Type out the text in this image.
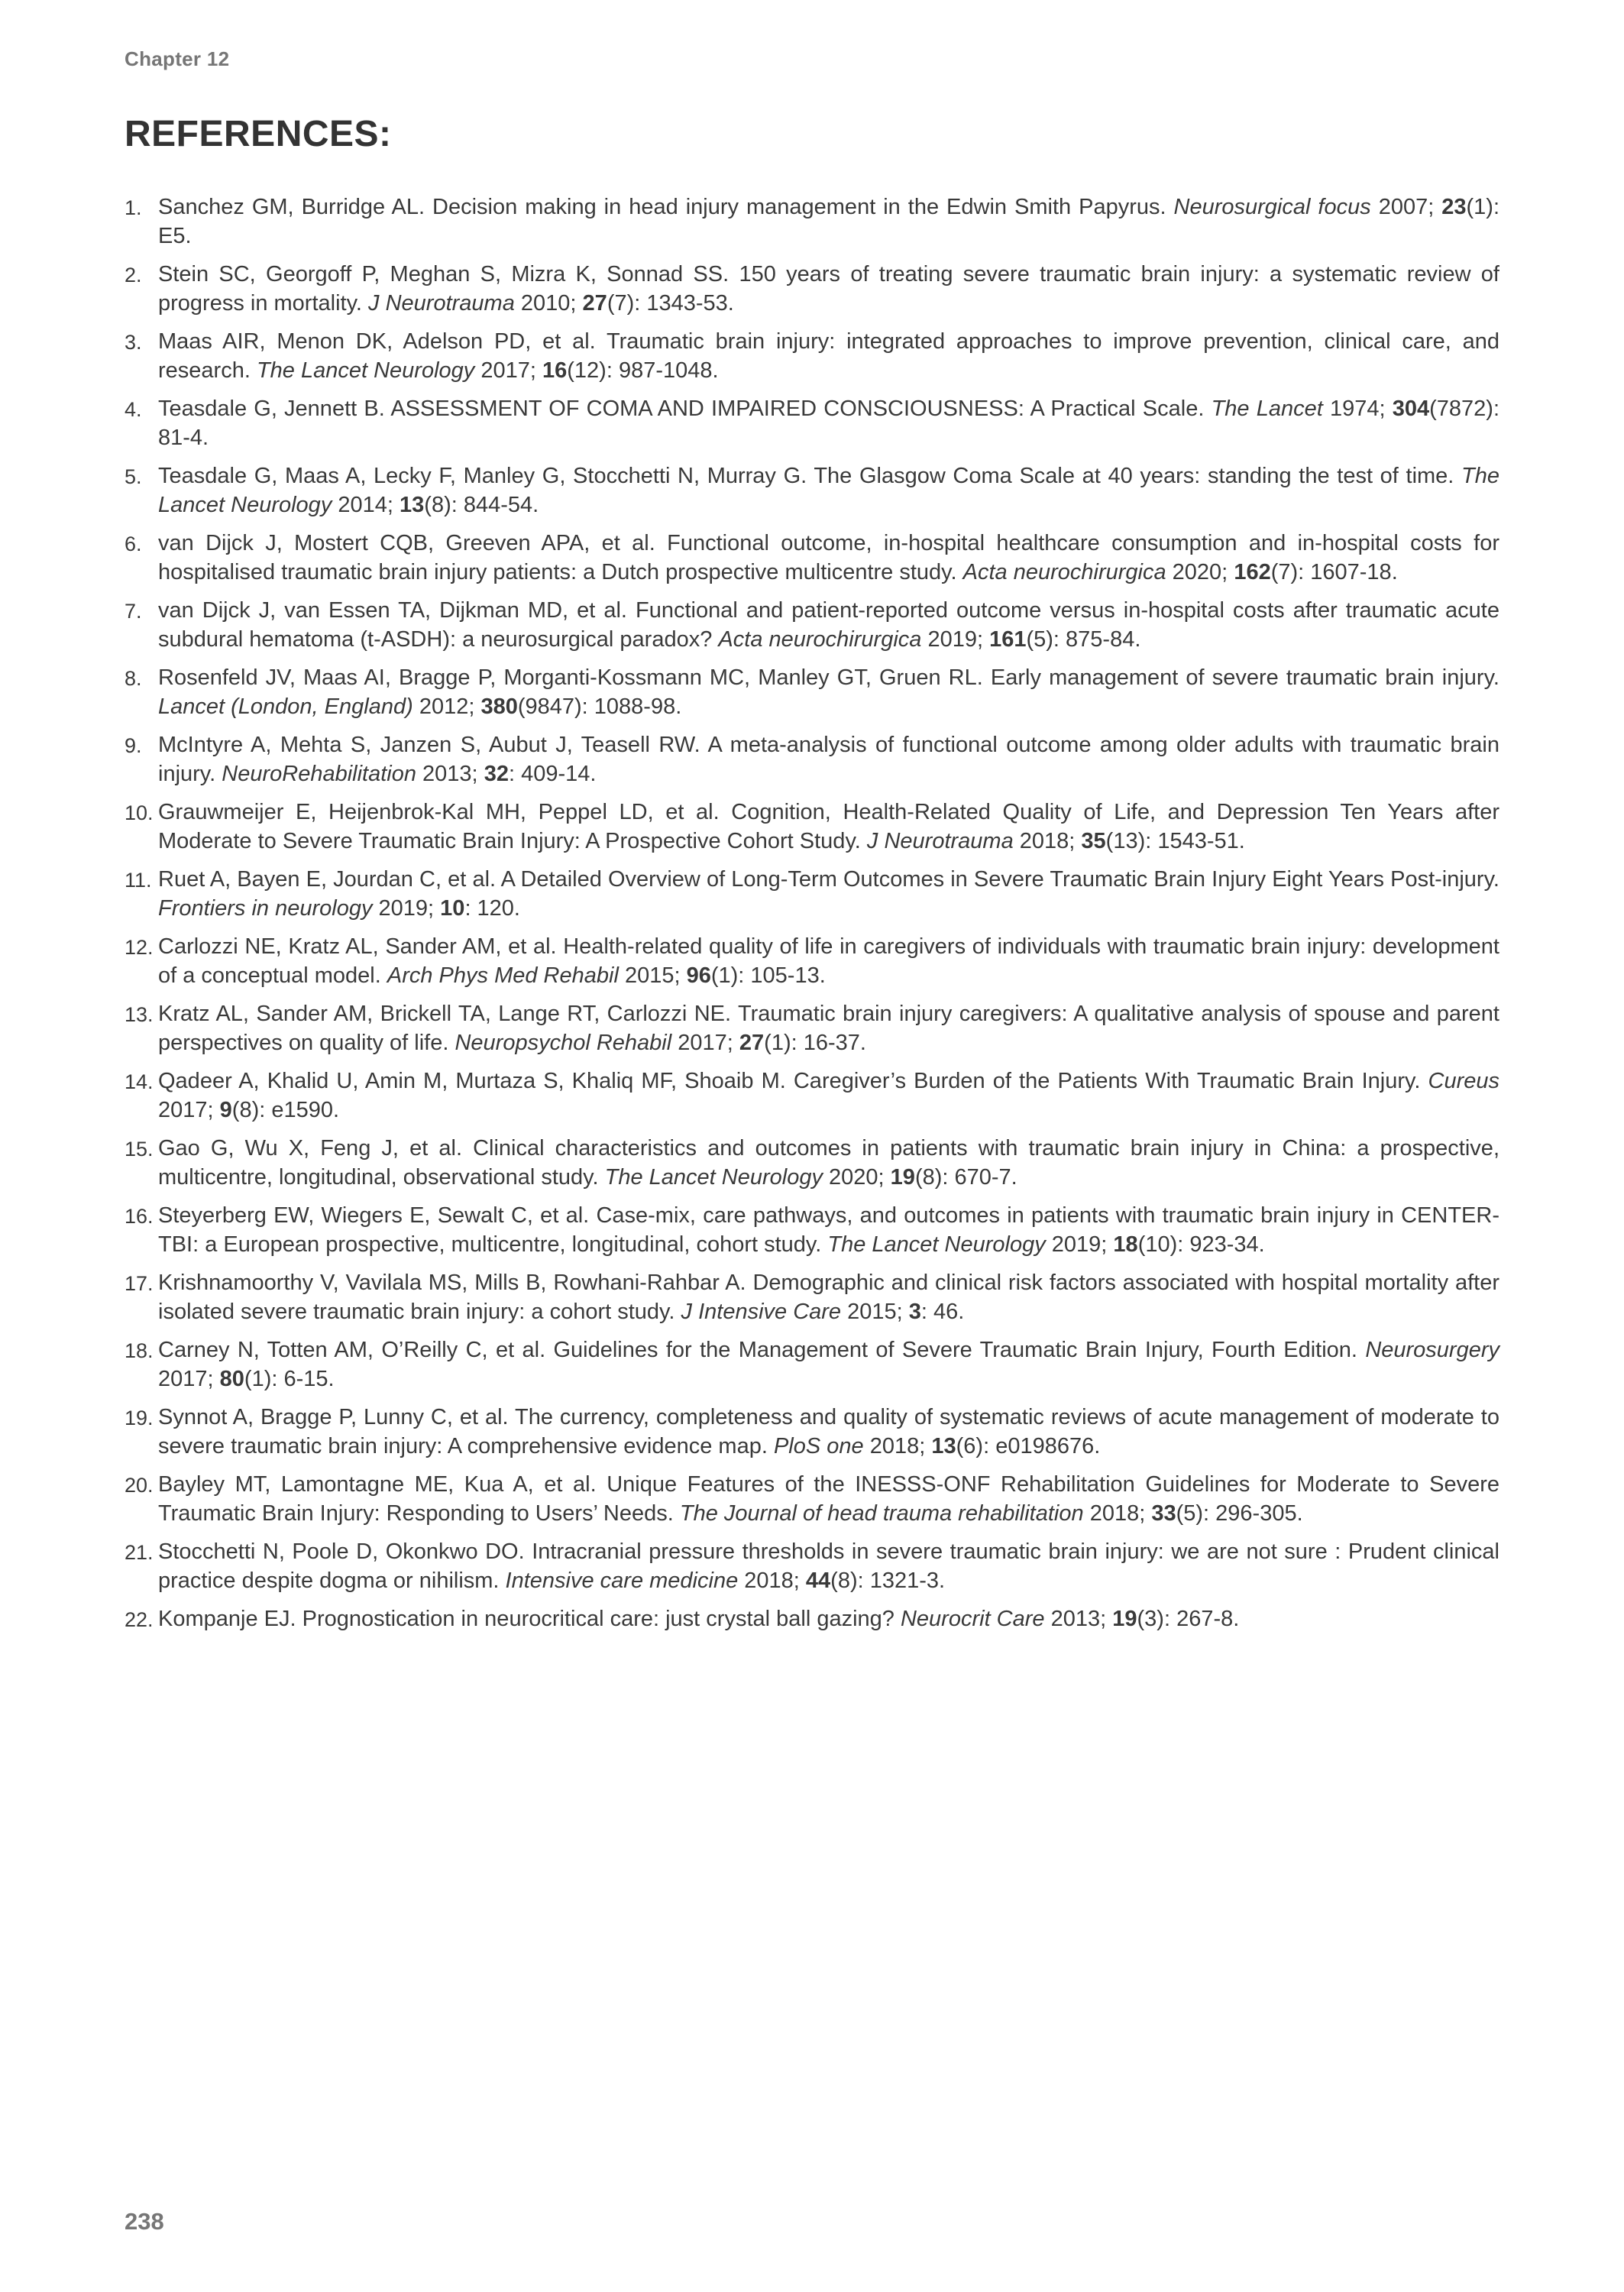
Chapter 12
REFERENCES:
1. Sanchez GM, Burridge AL. Decision making in head injury management in the Edwin Smith Papyrus. Neurosurgical focus 2007; 23(1): E5.
2. Stein SC, Georgoff P, Meghan S, Mizra K, Sonnad SS. 150 years of treating severe traumatic brain injury: a systematic review of progress in mortality. J Neurotrauma 2010; 27(7): 1343-53.
3. Maas AIR, Menon DK, Adelson PD, et al. Traumatic brain injury: integrated approaches to improve prevention, clinical care, and research. The Lancet Neurology 2017; 16(12): 987-1048.
4. Teasdale G, Jennett B. ASSESSMENT OF COMA AND IMPAIRED CONSCIOUSNESS: A Practical Scale. The Lancet 1974; 304(7872): 81-4.
5. Teasdale G, Maas A, Lecky F, Manley G, Stocchetti N, Murray G. The Glasgow Coma Scale at 40 years: standing the test of time. The Lancet Neurology 2014; 13(8): 844-54.
6. van Dijck J, Mostert CQB, Greeven APA, et al. Functional outcome, in-hospital healthcare consumption and in-hospital costs for hospitalised traumatic brain injury patients: a Dutch prospective multicentre study. Acta neurochirurgica 2020; 162(7): 1607-18.
7. van Dijck J, van Essen TA, Dijkman MD, et al. Functional and patient-reported outcome versus in-hospital costs after traumatic acute subdural hematoma (t-ASDH): a neurosurgical paradox? Acta neurochirurgica 2019; 161(5): 875-84.
8. Rosenfeld JV, Maas AI, Bragge P, Morganti-Kossmann MC, Manley GT, Gruen RL. Early management of severe traumatic brain injury. Lancet (London, England) 2012; 380(9847): 1088-98.
9. McIntyre A, Mehta S, Janzen S, Aubut J, Teasell RW. A meta-analysis of functional outcome among older adults with traumatic brain injury. NeuroRehabilitation 2013; 32: 409-14.
10. Grauwmeijer E, Heijenbrok-Kal MH, Peppel LD, et al. Cognition, Health-Related Quality of Life, and Depression Ten Years after Moderate to Severe Traumatic Brain Injury: A Prospective Cohort Study. J Neurotrauma 2018; 35(13): 1543-51.
11. Ruet A, Bayen E, Jourdan C, et al. A Detailed Overview of Long-Term Outcomes in Severe Traumatic Brain Injury Eight Years Post-injury. Frontiers in neurology 2019; 10: 120.
12. Carlozzi NE, Kratz AL, Sander AM, et al. Health-related quality of life in caregivers of individuals with traumatic brain injury: development of a conceptual model. Arch Phys Med Rehabil 2015; 96(1): 105-13.
13. Kratz AL, Sander AM, Brickell TA, Lange RT, Carlozzi NE. Traumatic brain injury caregivers: A qualitative analysis of spouse and parent perspectives on quality of life. Neuropsychol Rehabil 2017; 27(1): 16-37.
14. Qadeer A, Khalid U, Amin M, Murtaza S, Khaliq MF, Shoaib M. Caregiver’s Burden of the Patients With Traumatic Brain Injury. Cureus 2017; 9(8): e1590.
15. Gao G, Wu X, Feng J, et al. Clinical characteristics and outcomes in patients with traumatic brain injury in China: a prospective, multicentre, longitudinal, observational study. The Lancet Neurology 2020; 19(8): 670-7.
16. Steyerberg EW, Wiegers E, Sewalt C, et al. Case-mix, care pathways, and outcomes in patients with traumatic brain injury in CENTER-TBI: a European prospective, multicentre, longitudinal, cohort study. The Lancet Neurology 2019; 18(10): 923-34.
17. Krishnamoorthy V, Vavilala MS, Mills B, Rowhani-Rahbar A. Demographic and clinical risk factors associated with hospital mortality after isolated severe traumatic brain injury: a cohort study. J Intensive Care 2015; 3: 46.
18. Carney N, Totten AM, O’Reilly C, et al. Guidelines for the Management of Severe Traumatic Brain Injury, Fourth Edition. Neurosurgery 2017; 80(1): 6-15.
19. Synnot A, Bragge P, Lunny C, et al. The currency, completeness and quality of systematic reviews of acute management of moderate to severe traumatic brain injury: A comprehensive evidence map. PloS one 2018; 13(6): e0198676.
20. Bayley MT, Lamontagne ME, Kua A, et al. Unique Features of the INESSS-ONF Rehabilitation Guidelines for Moderate to Severe Traumatic Brain Injury: Responding to Users’ Needs. The Journal of head trauma rehabilitation 2018; 33(5): 296-305.
21. Stocchetti N, Poole D, Okonkwo DO. Intracranial pressure thresholds in severe traumatic brain injury: we are not sure : Prudent clinical practice despite dogma or nihilism. Intensive care medicine 2018; 44(8): 1321-3.
22. Kompanje EJ. Prognostication in neurocritical care: just crystal ball gazing? Neurocrit Care 2013; 19(3): 267-8.
238
